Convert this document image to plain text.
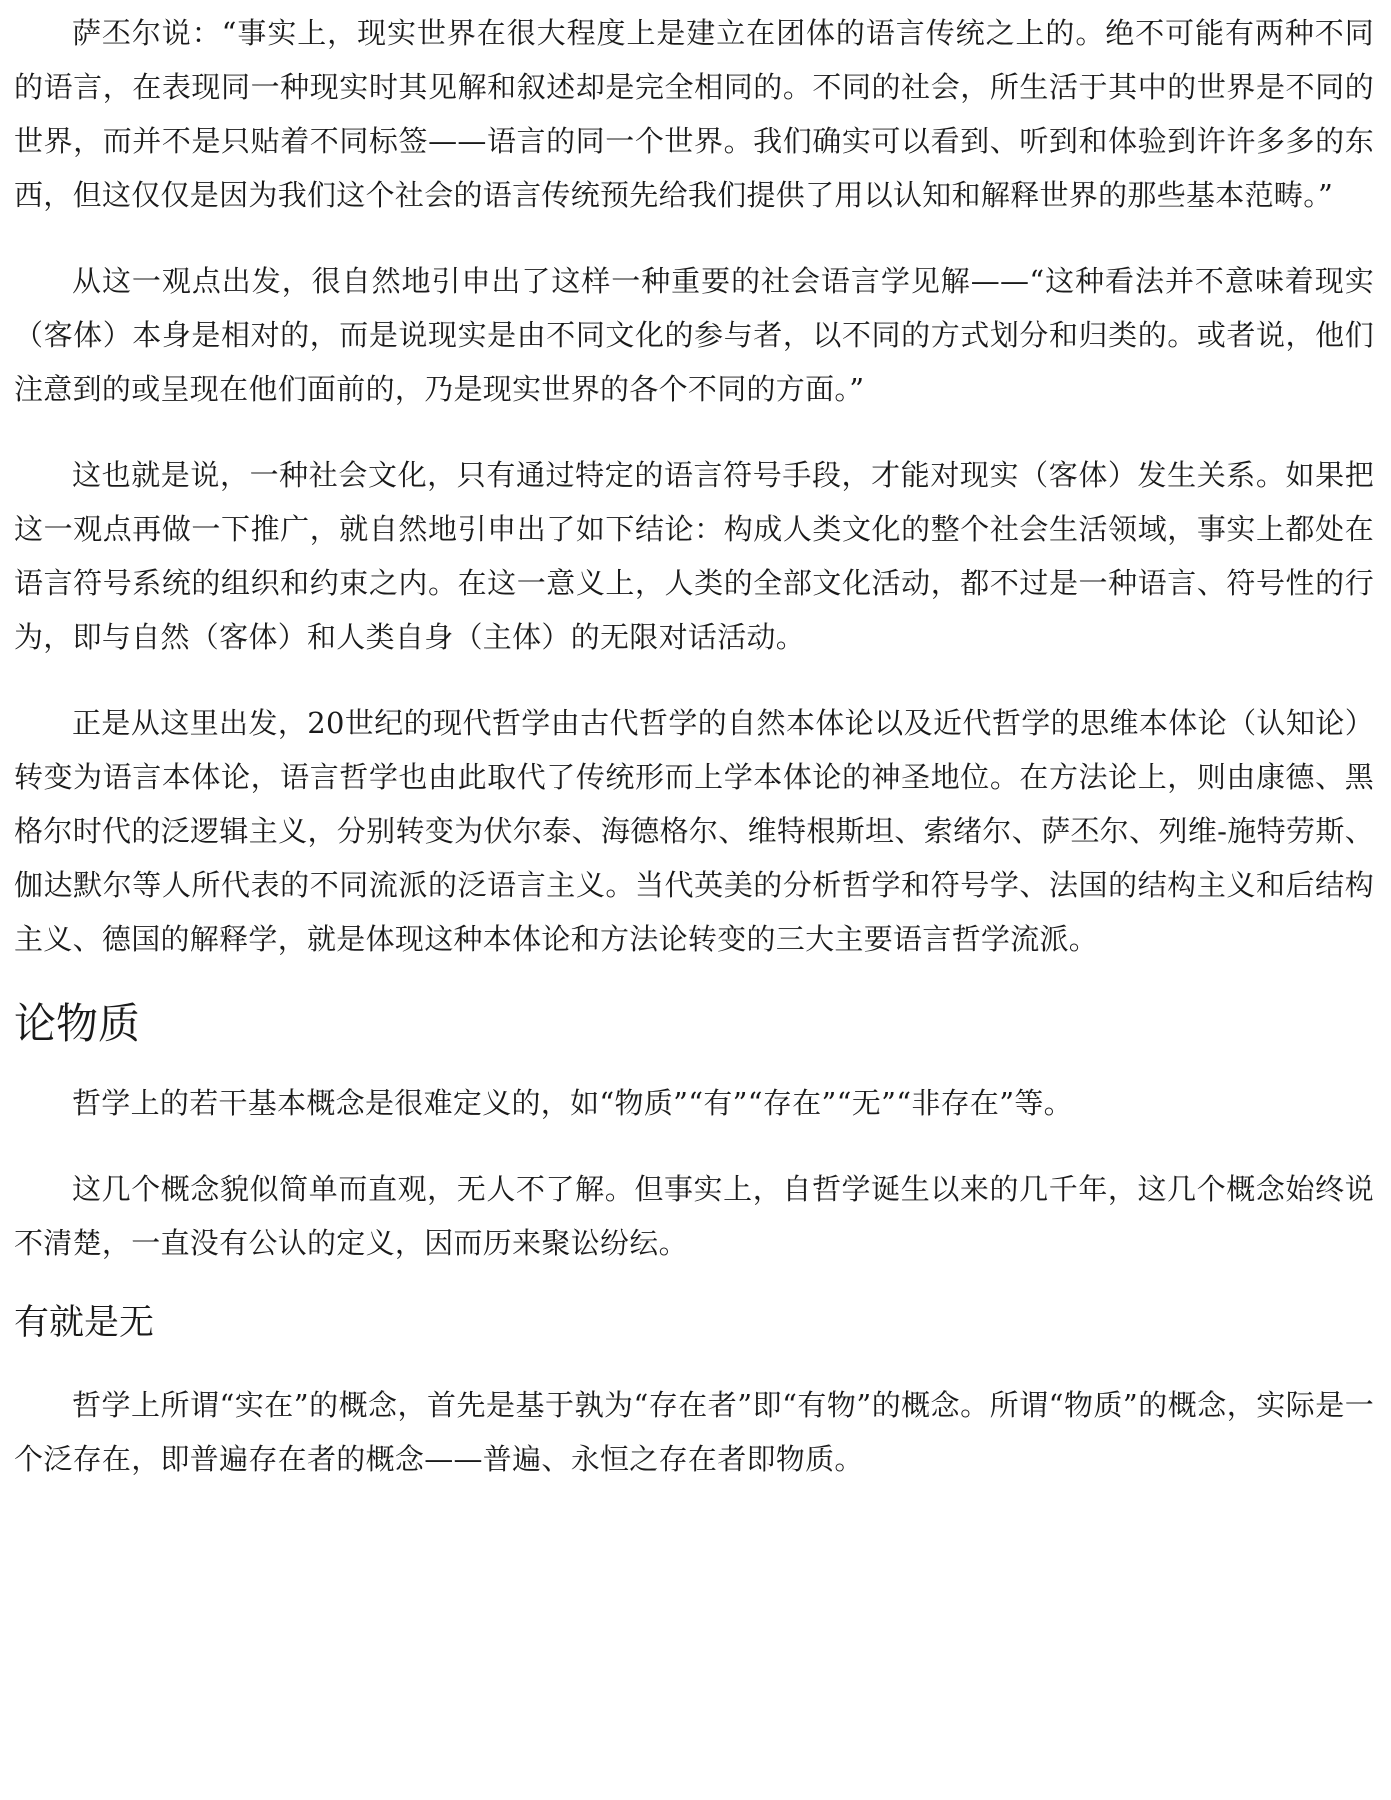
萨丕尔说：“事实上，现实世界在很大程度上是建立在团体的语言传统之上的。绝不可能有两种不同的语言，在表现同一种现实时其见解和叙述却是完全相同的。不同的社会，所生活于其中的世界是不同的世界，而并不是只贴着不同标签——语言的同一个世界。我们确实可以看到、听到和体验到许许多多的东西，但这仅仅是因为我们这个社会的语言传统预先给我们提供了用以认知和解释世界的那些基本范畴。”

从这一观点出发，很自然地引申出了这样一种重要的社会语言学见解——“这种看法并不意味着现实（客体）本身是相对的，而是说现实是由不同文化的参与者，以不同的方式划分和归类的。或者说，他们注意到的或呈现在他们面前的，乃是现实世界的各个不同的方面。”

这也就是说，一种社会文化，只有通过特定的语言符号手段，才能对现实（客体）发生关系。如果把这一观点再做一下推广，就自然地引申出了如下结论：构成人类文化的整个社会生活领域，事实上都处在语言符号系统的组织和约束之内。在这一意义上，人类的全部文化活动，都不过是一种语言、符号性的行为，即与自然（客体）和人类自身（主体）的无限对话活动。

正是从这里出发，20世纪的现代哲学由古代哲学的自然本体论以及近代哲学的思维本体论（认知论）转变为语言本体论，语言哲学也由此取代了传统形而上学本体论的神圣地位。在方法论上，则由康德、黑格尔时代的泛逻辑主义，分别转变为伏尔泰、海德格尔、维特根斯坦、索绪尔、萨丕尔、列维-施特劳斯、伽达默尔等人所代表的不同流派的泛语言主义。当代英美的分析哲学和符号学、法国的结构主义和后结构主义、德国的解释学，就是体现这种本体论和方法论转变的三大主要语言哲学流派。

论物质

哲学上的若干基本概念是很难定义的，如“物质”“有”“存在”“无”“非存在”等。

这几个概念貌似简单而直观，无人不了解。但事实上，自哲学诞生以来的几千年，这几个概念始终说不清楚，一直没有公认的定义，因而历来聚讼纷纭。

有就是无

哲学上所谓“实在”的概念，首先是基于孰为“存在者”即“有物”的概念。所谓“物质”的概念，实际是一个泛存在，即普遍存在者的概念——普遍、永恒之存在者即物质。
